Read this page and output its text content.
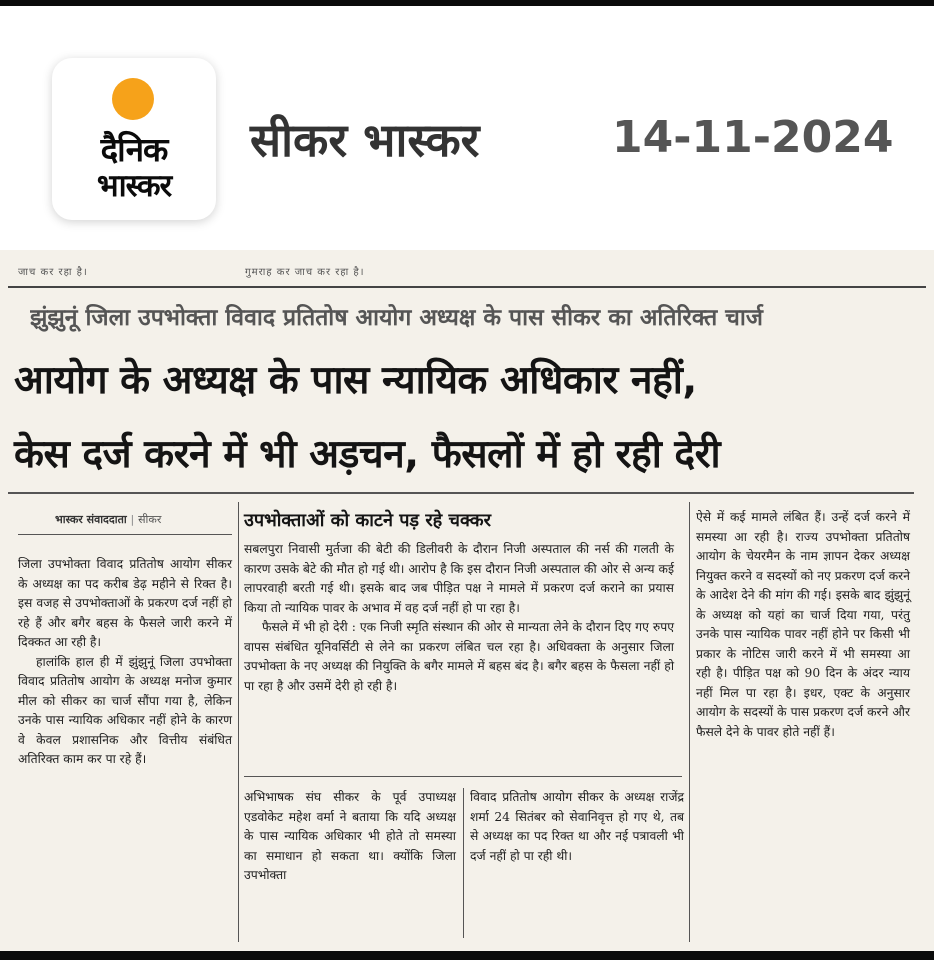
दैनिक
भास्कर
सीकर भास्कर	14-11-2024
जाच कर रहा है।	गुमराह कर जाच कर रहा है।
झुंझुनूं जिला उपभोक्ता विवाद प्रतितोष आयोग अध्यक्ष के पास सीकर का अतिरिक्त चार्ज
आयोग के अध्यक्ष के पास न्यायिक अधिकार नहीं,
केस दर्ज करने में भी अड़चन, फैसलों में हो रही देरी
भास्कर संवाददाता | सीकर

जिला उपभोक्ता विवाद प्रतितोष आयोग सीकर के अध्यक्ष का पद करीब डेढ़ महीने से रिक्त है। इस वजह से उपभोक्ताओं के प्रकरण दर्ज नहीं हो रहे हैं और बगैर बहस के फैसले जारी करने में दिक्कत आ रही है।

हालांकि हाल ही में झुंझुनूं जिला उपभोक्ता विवाद प्रतितोष आयोग के अध्यक्ष मनोज कुमार मील को सीकर का चार्ज सौंपा गया है, लेकिन उनके पास न्यायिक अधिकार नहीं होने के कारण वे केवल प्रशासनिक और वित्तीय संबंधित अतिरिक्त काम कर पा रहे हैं।

उपभोक्ताओं को काटने पड़ रहे चक्कर

सबलपुरा निवासी मुर्तजा की बेटी की डिलीवरी के दौरान निजी अस्पताल की नर्स की गलती के कारण उसके बेटे की मौत हो गई थी। आरोप है कि इस दौरान निजी अस्पताल की ओर से अन्य कई लापरवाही बरती गई थी। इसके बाद जब पीड़ित पक्ष ने मामले में प्रकरण दर्ज कराने का प्रयास किया तो न्यायिक पावर के अभाव में वह दर्ज नहीं हो पा रहा है।

फैसले में भी हो देरी : एक निजी स्मृति संस्थान की ओर से मान्यता लेने के दौरान दिए गए रुपए वापस संबंधित यूनिवर्सिटी से लेने का प्रकरण लंबित चल रहा है। अधिवक्ता के अनुसार जिला उपभोक्ता के नए अध्यक्ष की नियुक्ति के बगैर मामले में बहस बंद है। बगैर बहस के फैसला नहीं हो पा रहा है और उसमें देरी हो रही है।

अभिभाषक संघ सीकर के पूर्व उपाध्यक्ष एडवोकेट महेश वर्मा ने बताया कि यदि अध्यक्ष के पास न्यायिक अधिकार भी होते तो समस्या का समाधान हो सकता था। क्योंकि जिला उपभोक्ता

विवाद प्रतितोष आयोग सीकर के अध्यक्ष राजेंद्र शर्मा 24 सितंबर को सेवानिवृत्त हो गए थे, तब से अध्यक्ष का पद रिक्त था और नई पत्रावली भी दर्ज नहीं हो पा रही थी।

ऐसे में कई मामले लंबित हैं। उन्हें दर्ज करने में समस्या आ रही है। राज्य उपभोक्ता प्रतितोष आयोग के चेयरमैन के नाम ज्ञापन देकर अध्यक्ष नियुक्त करने व सदस्यों को नए प्रकरण दर्ज करने के आदेश देने की मांग की गई। इसके बाद झुंझुनूं के अध्यक्ष को यहां का चार्ज दिया गया, परंतु उनके पास न्यायिक पावर नहीं होने पर किसी भी प्रकार के नोटिस जारी करने में भी समस्या आ रही है। पीड़ित पक्ष को 90 दिन के अंदर न्याय नहीं मिल पा रहा है। इधर, एक्ट के अनुसार आयोग के सदस्यों के पास प्रकरण दर्ज करने और फैसले देने के पावर होते नहीं हैं।
